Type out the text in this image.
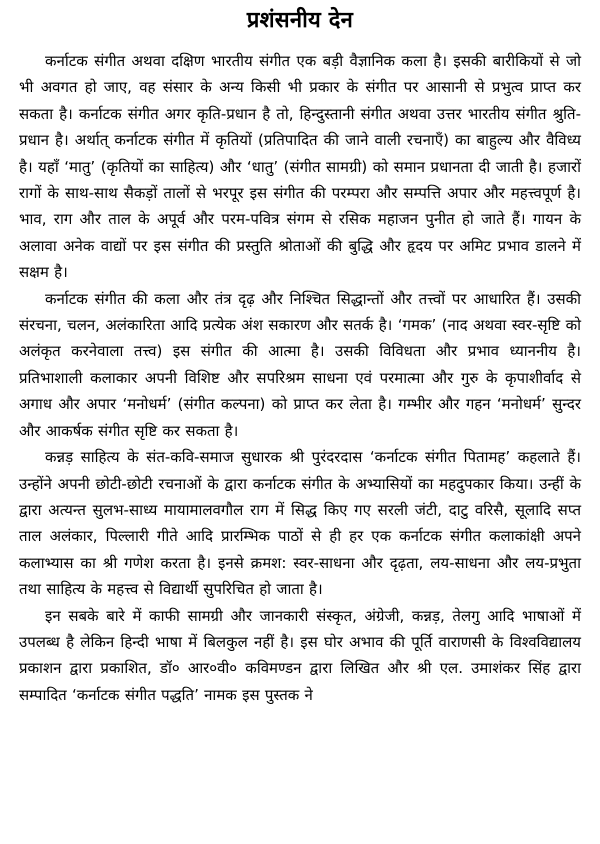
प्रशंसनीय देन

कर्नाटक संगीत अथवा दक्षिण भारतीय संगीत एक बड़ी वैज्ञानिक कला है। इसकी बारीकियों से जो भी अवगत हो जाए, वह संसार के अन्य किसी भी प्रकार के संगीत पर आसानी से प्रभुत्व प्राप्त कर सकता है। कर्नाटक संगीत अगर कृति-प्रधान है तो, हिन्दुस्तानी संगीत अथवा उत्तर भारतीय संगीत श्रुति-प्रधान है। अर्थात् कर्नाटक संगीत में कृतियों (प्रतिपादित की जाने वाली रचनाएँ) का बाहुल्य और वैविध्य है। यहाँ ‘मातु’ (कृतियों का साहित्य) और ‘धातु’ (संगीत सामग्री) को समान प्रधानता दी जाती है। हजारों रागों के साथ-साथ सैकड़ों तालों से भरपूर इस संगीत की परम्परा और सम्पत्ति अपार और महत्त्वपूर्ण है। भाव, राग और ताल के अपूर्व और परम-पवित्र संगम से रसिक महाजन पुनीत हो जाते हैं। गायन के अलावा अनेक वाद्यों पर इस संगीत की प्रस्तुति श्रोताओं की बुद्धि और हृदय पर अमिट प्रभाव डालने में सक्षम है।

कर्नाटक संगीत की कला और तंत्र दृढ़ और निश्चित सिद्धान्तों और तत्त्वों पर आधारित हैं। उसकी संरचना, चलन, अलंकारिता आदि प्रत्येक अंश सकारण और सतर्क है। ‘गमक’ (नाद अथवा स्वर-सृष्टि को अलंकृत करनेवाला तत्त्व) इस संगीत की आत्मा है। उसकी विविधता और प्रभाव ध्याननीय है। प्रतिभाशाली कलाकार अपनी विशिष्ट और सपरिश्रम साधना एवं परमात्मा और गुरु के कृपाशीर्वाद से अगाध और अपार ‘मनोधर्म’ (संगीत कल्पना) को प्राप्त कर लेता है। गम्भीर और गहन ‘मनोधर्म’ सुन्दर और आकर्षक संगीत सृष्टि कर सकता है।

कन्नड़ साहित्य के संत-कवि-समाज सुधारक श्री पुरंदरदास ‘कर्नाटक संगीत पितामह’ कहलाते हैं। उन्होंने अपनी छोटी-छोटी रचनाओं के द्वारा कर्नाटक संगीत के अभ्यासियों का महदुपकार किया। उन्हीं के द्वारा अत्यन्त सुलभ-साध्य मायामालवगौल राग में सिद्ध किए गए सरली जंटी, दाटु वरिसै, सूलादि सप्त ताल अलंकार, पिल्लारी गीते आदि प्रारम्भिक पाठों से ही हर एक कर्नाटक संगीत कलाकांक्षी अपने कलाभ्यास का श्री गणेश करता है। इनसे क्रमश: स्वर-साधना और दृढ़ता, लय-साधना और लय-प्रभुता तथा साहित्य के महत्त्व से विद्यार्थी सुपरिचित हो जाता है।

इन सबके बारे में काफी सामग्री और जानकारी संस्कृत, अंग्रेजी, कन्नड़, तेलगु आदि भाषाओं में उपलब्ध है लेकिन हिन्दी भाषा में बिलकुल नहीं है। इस घोर अभाव की पूर्ति वाराणसी के विश्वविद्यालय प्रकाशन द्वारा प्रकाशित, डॉ० आर०वी० कविमण्डन द्वारा लिखित और श्री एल. उमाशंकर सिंह द्वारा सम्पादित ‘कर्नाटक संगीत पद्धति’ नामक इस पुस्तक ने
